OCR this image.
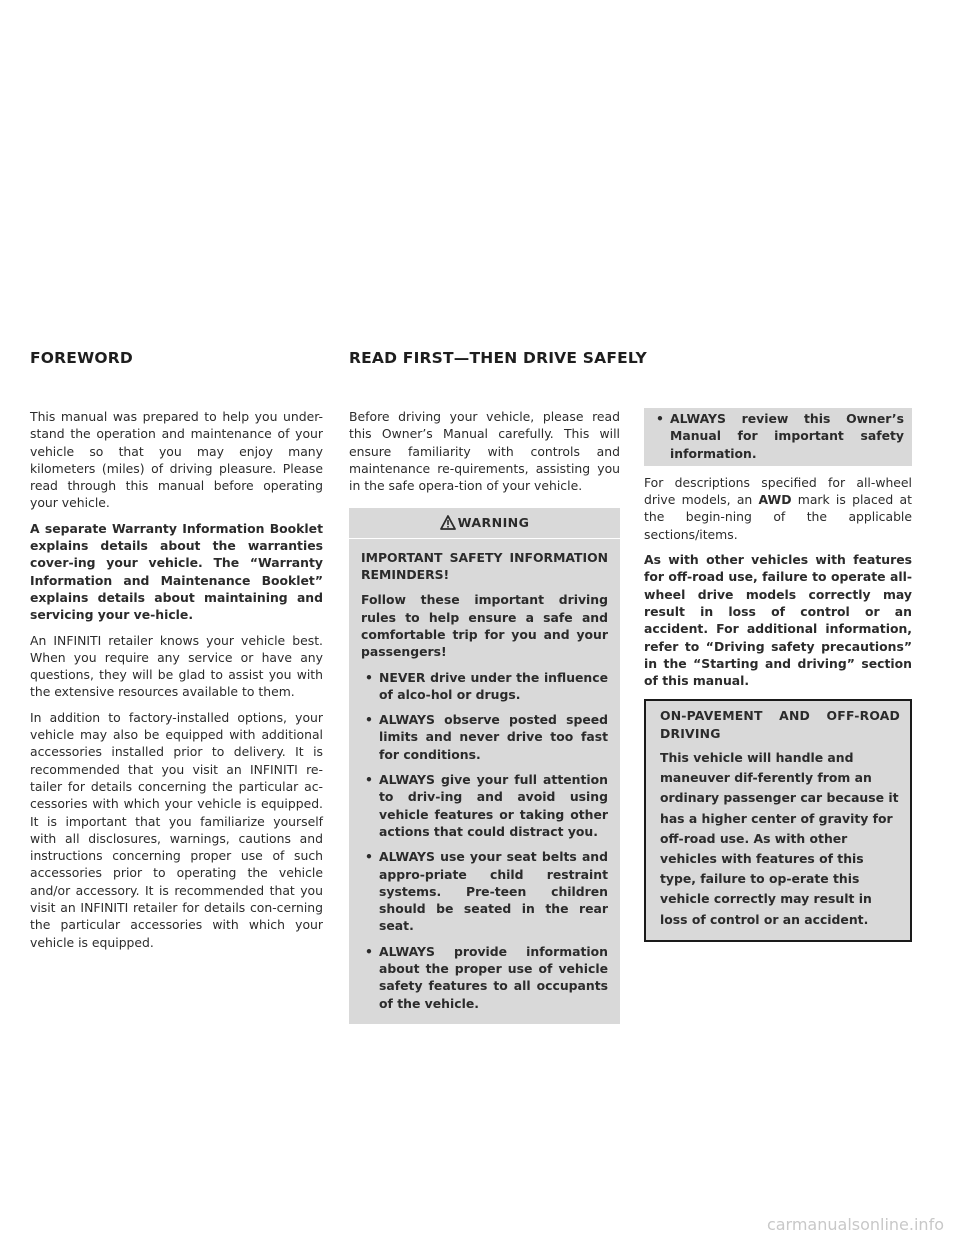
FOREWORD	READ FIRST—THEN DRIVE SAFELY

This manual was prepared to help you under-stand the operation and maintenance of your vehicle so that you may enjoy many kilometers (miles) of driving pleasure. Please read through this manual before operating your vehicle.

A separate Warranty Information Booklet explains details about the warranties cover-ing your vehicle. The “Warranty Information and Maintenance Booklet” explains details about maintaining and servicing your ve-hicle.

An INFINITI retailer knows your vehicle best. When you require any service or have any questions, they will be glad to assist you with the extensive resources available to them.

In addition to factory-installed options, your vehicle may also be equipped with additional accessories installed prior to delivery. It is recommended that you visit an INFINITI re-tailer for details concerning the particular ac-cessories with which your vehicle is equipped. It is important that you familiarize yourself with all disclosures, warnings, cautions and instructions concerning proper use of such accessories prior to operating the vehicle and/or accessory. It is recommended that you visit an INFINITI retailer for details con-cerning the particular accessories with which your vehicle is equipped.

Before driving your vehicle, please read this Owner’s Manual carefully. This will ensure familiarity with controls and maintenance re-quirements, assisting you in the safe opera-tion of your vehicle.

WARNING

IMPORTANT SAFETY INFORMATION REMINDERS!

Follow these important driving rules to help ensure a safe and comfortable trip for you and your passengers!

• NEVER drive under the influence of alco-hol or drugs.
• ALWAYS observe posted speed limits and never drive too fast for conditions.
• ALWAYS give your full attention to driv-ing and avoid using vehicle features or taking other actions that could distract you.
• ALWAYS use your seat belts and appro-priate child restraint systems. Pre-teen children should be seated in the rear seat.
• ALWAYS provide information about the proper use of vehicle safety features to all occupants of the vehicle.
• ALWAYS review this Owner’s Manual for important safety information.

For descriptions specified for all-wheel drive models, an AWD mark is placed at the begin-ning of the applicable sections/items.

As with other vehicles with features for off-road use, failure to operate all-wheel drive models correctly may result in loss of control or an accident. For additional information, refer to “Driving safety precautions” in the “Starting and driving” section of this manual.

ON-PAVEMENT AND OFF-ROAD DRIVING

This vehicle will handle and maneuver dif-ferently from an ordinary passenger car because it has a higher center of gravity for off-road use. As with other vehicles with features of this type, failure to op-erate this vehicle correctly may result in loss of control or an accident.

carmanualsonline.info
